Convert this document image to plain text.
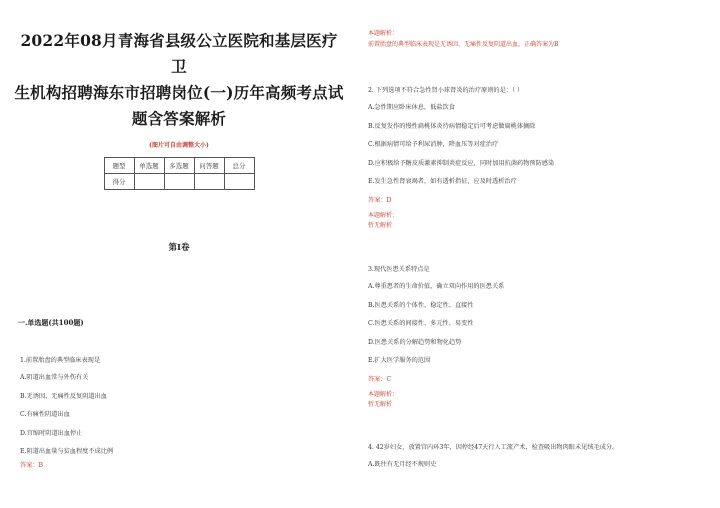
2022年08月青海省县级公立医院和基层医疗卫

生机构招聘海东市招聘岗位(一)历年高频考点试

题含答案解析

(图片可自由调整大小)
题型	单选题	多选题	问答题	总分
得分				
第I卷
一.单选题(共100题)

1.前置胎盘的典型临床表现是

A.阴道出血常与外伤有关

B.无诱因、无痛性反复阴道出血

C.有痛性阴道出血

D.宫缩时阴道出血停止

E.阴道出血量与贫血程度不成比例

答案：B

本题解析：

前置胎盘的典型临床表现是无诱因、无痛性反复阴道出血，正确答案为B

2. 下列选项不符合急性肾小球肾炎的治疗原则的是：（ ）

A.急性期应卧床休息，低盐饮食

B.反复发作的慢性扁桃体炎待病情稳定后可考虑做扁桃体摘除

C.根据病情可给予利尿消肿，降血压等对症治疗

D.应积极给予糖皮质激素抑制炎症反应，同时加用抗菌药物预防感染

E.发生急性肾衰竭者，如有透析指征，应及时透析治疗

答案：D

本题解析：

暂无解析

3.现代医患关系特点是

A.尊重患者的生命价值，确立双向作用的医患关系

B.医患关系的个体性、稳定性、直接性

C.医患关系的间接性、多元性、易变性

D.医患关系的分解趋势和物化趋势

E.扩大医学服务的范围

答案：C

本题解析：

暂无解析

4. 42岁妇女，放置宫内环3年，因停经47天行人工流产术，检查吸出物肉眼未见绒毛成分。

A.既往有无月经不规则史
